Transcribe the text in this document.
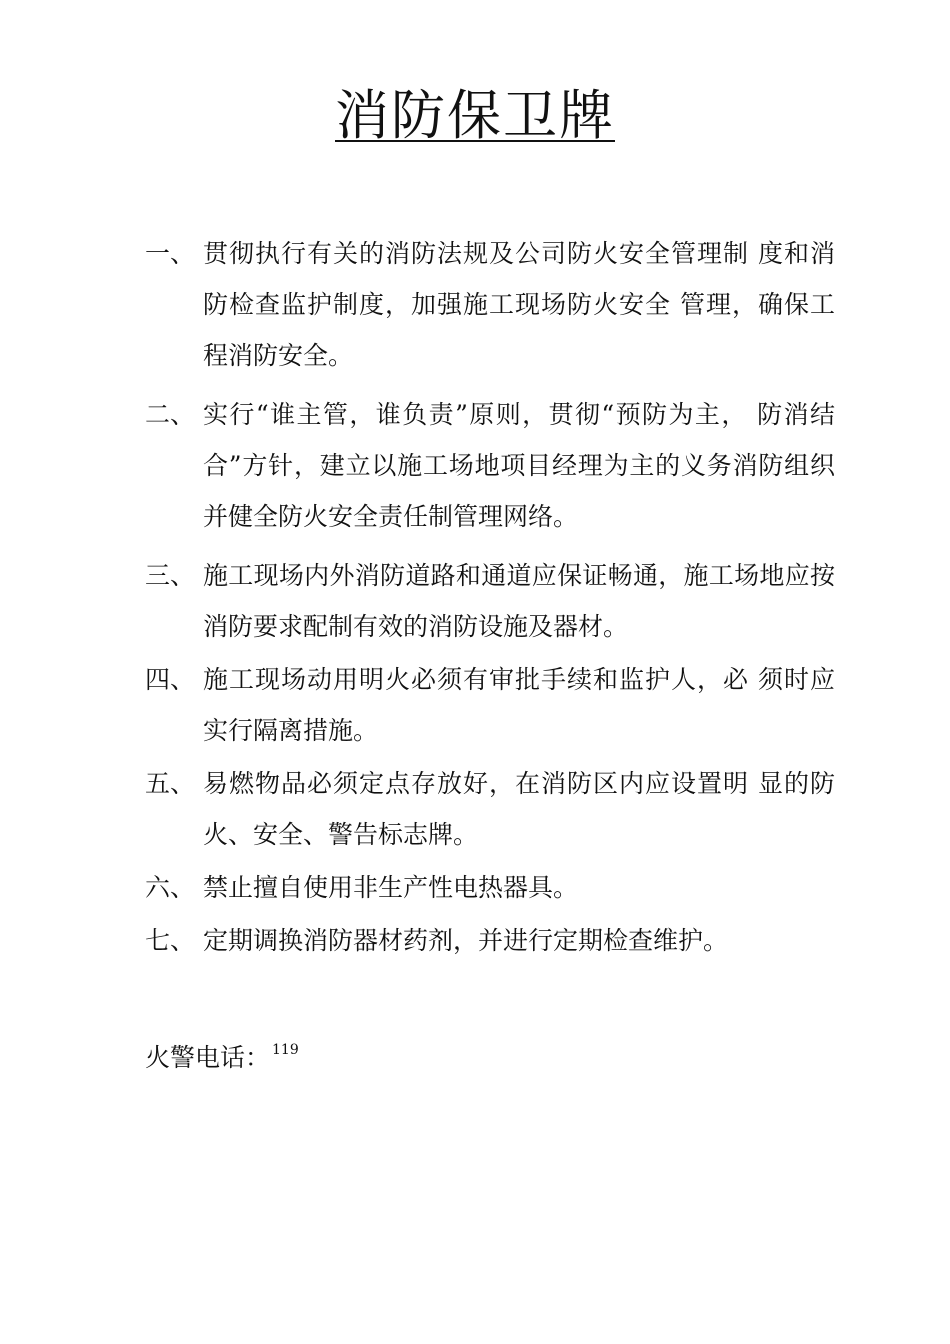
消防保卫牌
一、 贯彻执行有关的消防法规及公司防火安全管理制 度和消防检查监护制度，加强施工现场防火安全 管理，确保工程消防安全。
二、 实行“谁主管，谁负责”原则，贯彻“预防为主， 防消结合”方针，建立以施工场地项目经理为主的义务消防组织并健全防火安全责任制管理网络。
三、 施工现场内外消防道路和通道应保证畅通，施工场地应按消防要求配制有效的消防设施及器材。
四、 施工现场动用明火必须有审批手续和监护人，必 须时应实行隔离措施。
五、 易燃物品必须定点存放好，在消防区内应设置明 显的防火、安全、警告标志牌。
六、 禁止擅自使用非生产性电热器具。
七、 定期调换消防器材药剂，并进行定期检查维护。
火警电话： $^{119}$
